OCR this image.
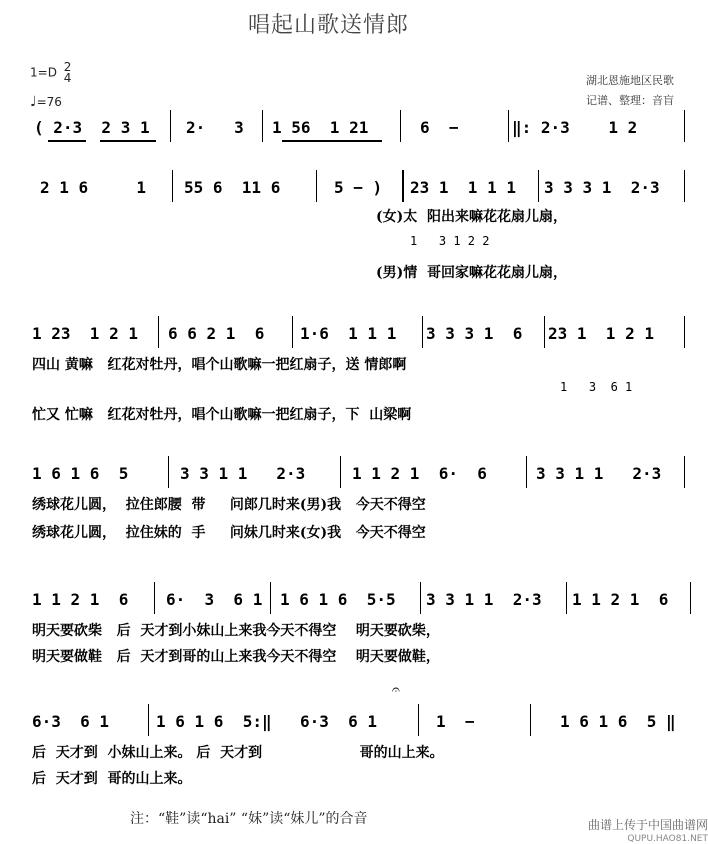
唱起山歌送情郎
1=D 2
4
♩=76
湖北恩施地区民歌
记谱、整理：音盲
( 2·3  2 3 1 2·   3 1 56  1 21	6  −	‖: 2·3    1 2
2 1 6     1 55 6  11 6	5 − ) 23 1  1 1 1 3 3 3 1  2·3
(女)太  阳出来嘛花花扇儿扇，
1   3 1 2 2
(男)情  哥回家嘛花花扇儿扇，
1 23  1 2 1 6 6 2 1  6 1·6  1 1 1 3 3 3 1  6 23 1  1 2 1
四山 黄嘛   红花对牡丹，唱个山歌嘛一把红扇子，送 情郎啊
1   3  6 1
忙又 忙嘛   红花对牡丹，唱个山歌嘛一把红扇子，下  山梁啊
1 6 1 6  5	3 3 1 1   2·3	1 1 2 1  6·  6	3 3 1 1   2·3
绣球花儿圆，  拉住郎腰  带     问郎几时来(男)我   今天不得空
绣球花儿圆，  拉住妹的  手     问妹几时来(女)我   今天不得空
1 1 2 1  6 6·  3  6 1 1 6 1 6  5·5 3 3 1 1  2·3 1 1 2 1  6
明天要砍柴   后  天才到小妹山上来我今天不得空    明天要砍柴，
明天要做鞋   后  天才到哥的山上来我今天不得空    明天要做鞋，
6·3  6 1	1 6 1 6  5:‖ 6·3  6 1	1  −	1 6 1 6  5 ‖
后  天才到  小妹山上来。 后  天才到                    哥的山上来。
后  天才到  哥的山上来。
𝄐
注：“鞋”读“hai” “妹”读“妹儿”的合音	曲谱上传于中国曲谱网
QUPU.HAO81.NET
